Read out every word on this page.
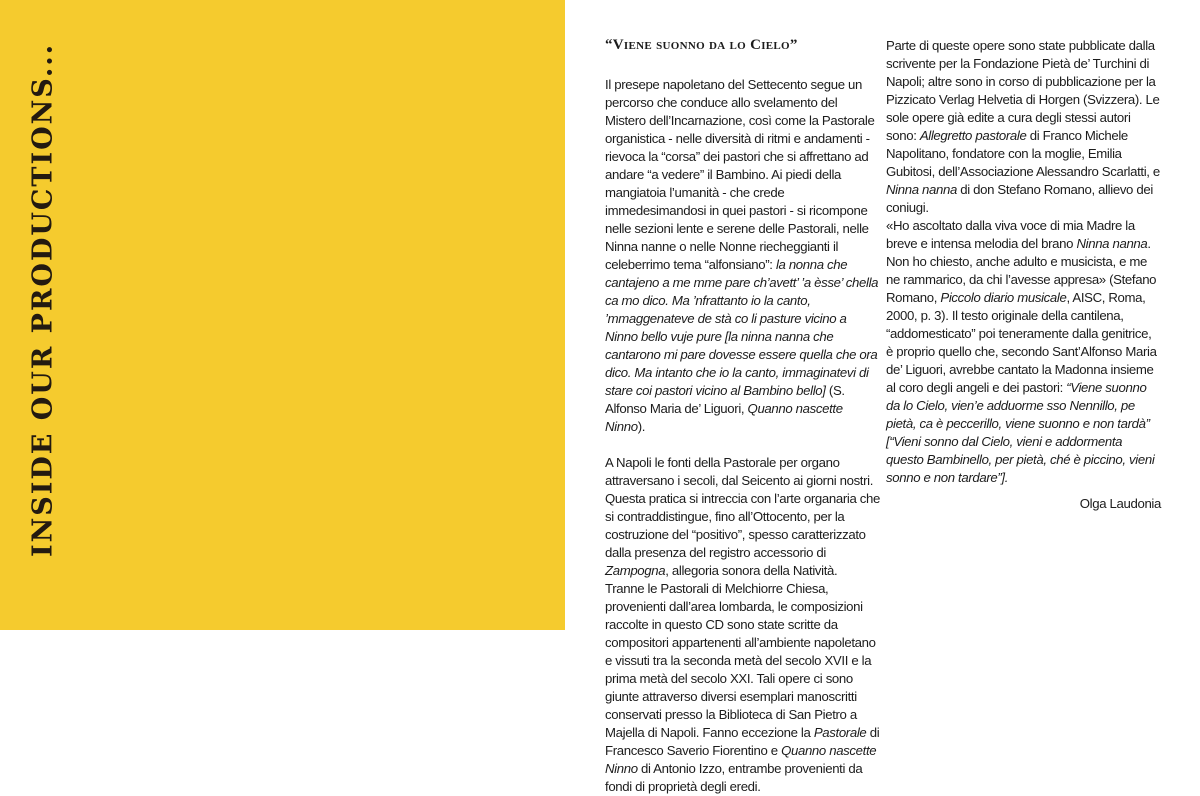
INSIDE OUR PRODUCTIONS...	“Viene suonno da lo Cielo”

Il presepe napoletano del Settecento segue un percorso che conduce allo svelamento del Mistero dell’Incarnazione, così come la Pastorale organistica - nelle diversità di ritmi e andamenti - rievoca la “corsa” dei pastori che si affrettano ad andare “a vedere” il Bambino. Ai piedi della mangiatoia l’umanità - che crede immedesimandosi in quei pastori - si ricompone nelle sezioni lente e serene delle Pastorali, nelle Ninna nanne o nelle Nonne riecheggianti il celeberrimo tema “alfonsiano”: la nonna che cantajeno a me mme pare ch’avett’ ’a èsse’ chella ca mo dico. Ma ’nfrattanto io la canto, ’mmaggenateve de stà co li pasture vicino a Ninno bello vuje pure [la ninna nanna che cantarono mi pare dovesse essere quella che ora dico. Ma intanto che io la canto, immaginatevi di stare coi pastori vicino al Bambino bello] (S. Alfonso Maria de’ Liguori, Quanno nascette Ninno).

A Napoli le fonti della Pastorale per organo attraversano i secoli, dal Seicento ai giorni nostri. Questa pratica si intreccia con l’arte organaria che si contraddistingue, fino all’Ottocento, per la costruzione del “positivo”, spesso caratterizzato dalla presenza del registro accessorio di Zampogna, allegoria sonora della Natività.

Tranne le Pastorali di Melchiorre Chiesa, provenienti dall’area lombarda, le composizioni raccolte in questo CD sono state scritte da compositori appartenenti all’ambiente napoletano e vissuti tra la seconda metà del secolo XVII e la prima metà del secolo XXI. Tali opere ci sono giunte attraverso diversi esemplari manoscritti conservati presso la Biblioteca di San Pietro a Majella di Napoli. Fanno eccezione la Pastorale di Francesco Saverio Fiorentino e Quanno nascette Ninno di Antonio Izzo, entrambe provenienti da fondi di proprietà degli eredi.

Parte di queste opere sono state pubblicate dalla scrivente per la Fondazione Pietà de’ Turchini di Napoli; altre sono in corso di pubblicazione per la Pizzicato Verlag Helvetia di Horgen (Svizzera). Le sole opere già edite a cura degli stessi autori sono: Allegretto pastorale di Franco Michele Napolitano, fondatore con la moglie, Emilia Gubitosi, dell’Associazione Alessandro Scarlatti, e Ninna nanna di don Stefano Romano, allievo dei coniugi.

«Ho ascoltato dalla viva voce di mia Madre la breve e intensa melodia del brano Ninna nanna. Non ho chiesto, anche adulto e musicista, e me ne rammarico, da chi l’avesse appresa» (Stefano Romano, Piccolo diario musicale, AISC, Roma, 2000, p. 3). Il testo originale della cantilena, “addomesticato” poi teneramente dalla genitrice, è proprio quello che, secondo Sant’Alfonso Maria de’ Liguori, avrebbe cantato la Madonna insieme al coro degli angeli e dei pastori: “Viene suonno da lo Cielo, vien’e adduorme sso Nennillo, pe pietà, ca è peccerillo, viene suonno e non tardà” [“Vieni sonno dal Cielo, vieni e addormenta questo Bambinello, per pietà, ché è piccino, vieni sonno e non tardare”].

Olga Laudonia
